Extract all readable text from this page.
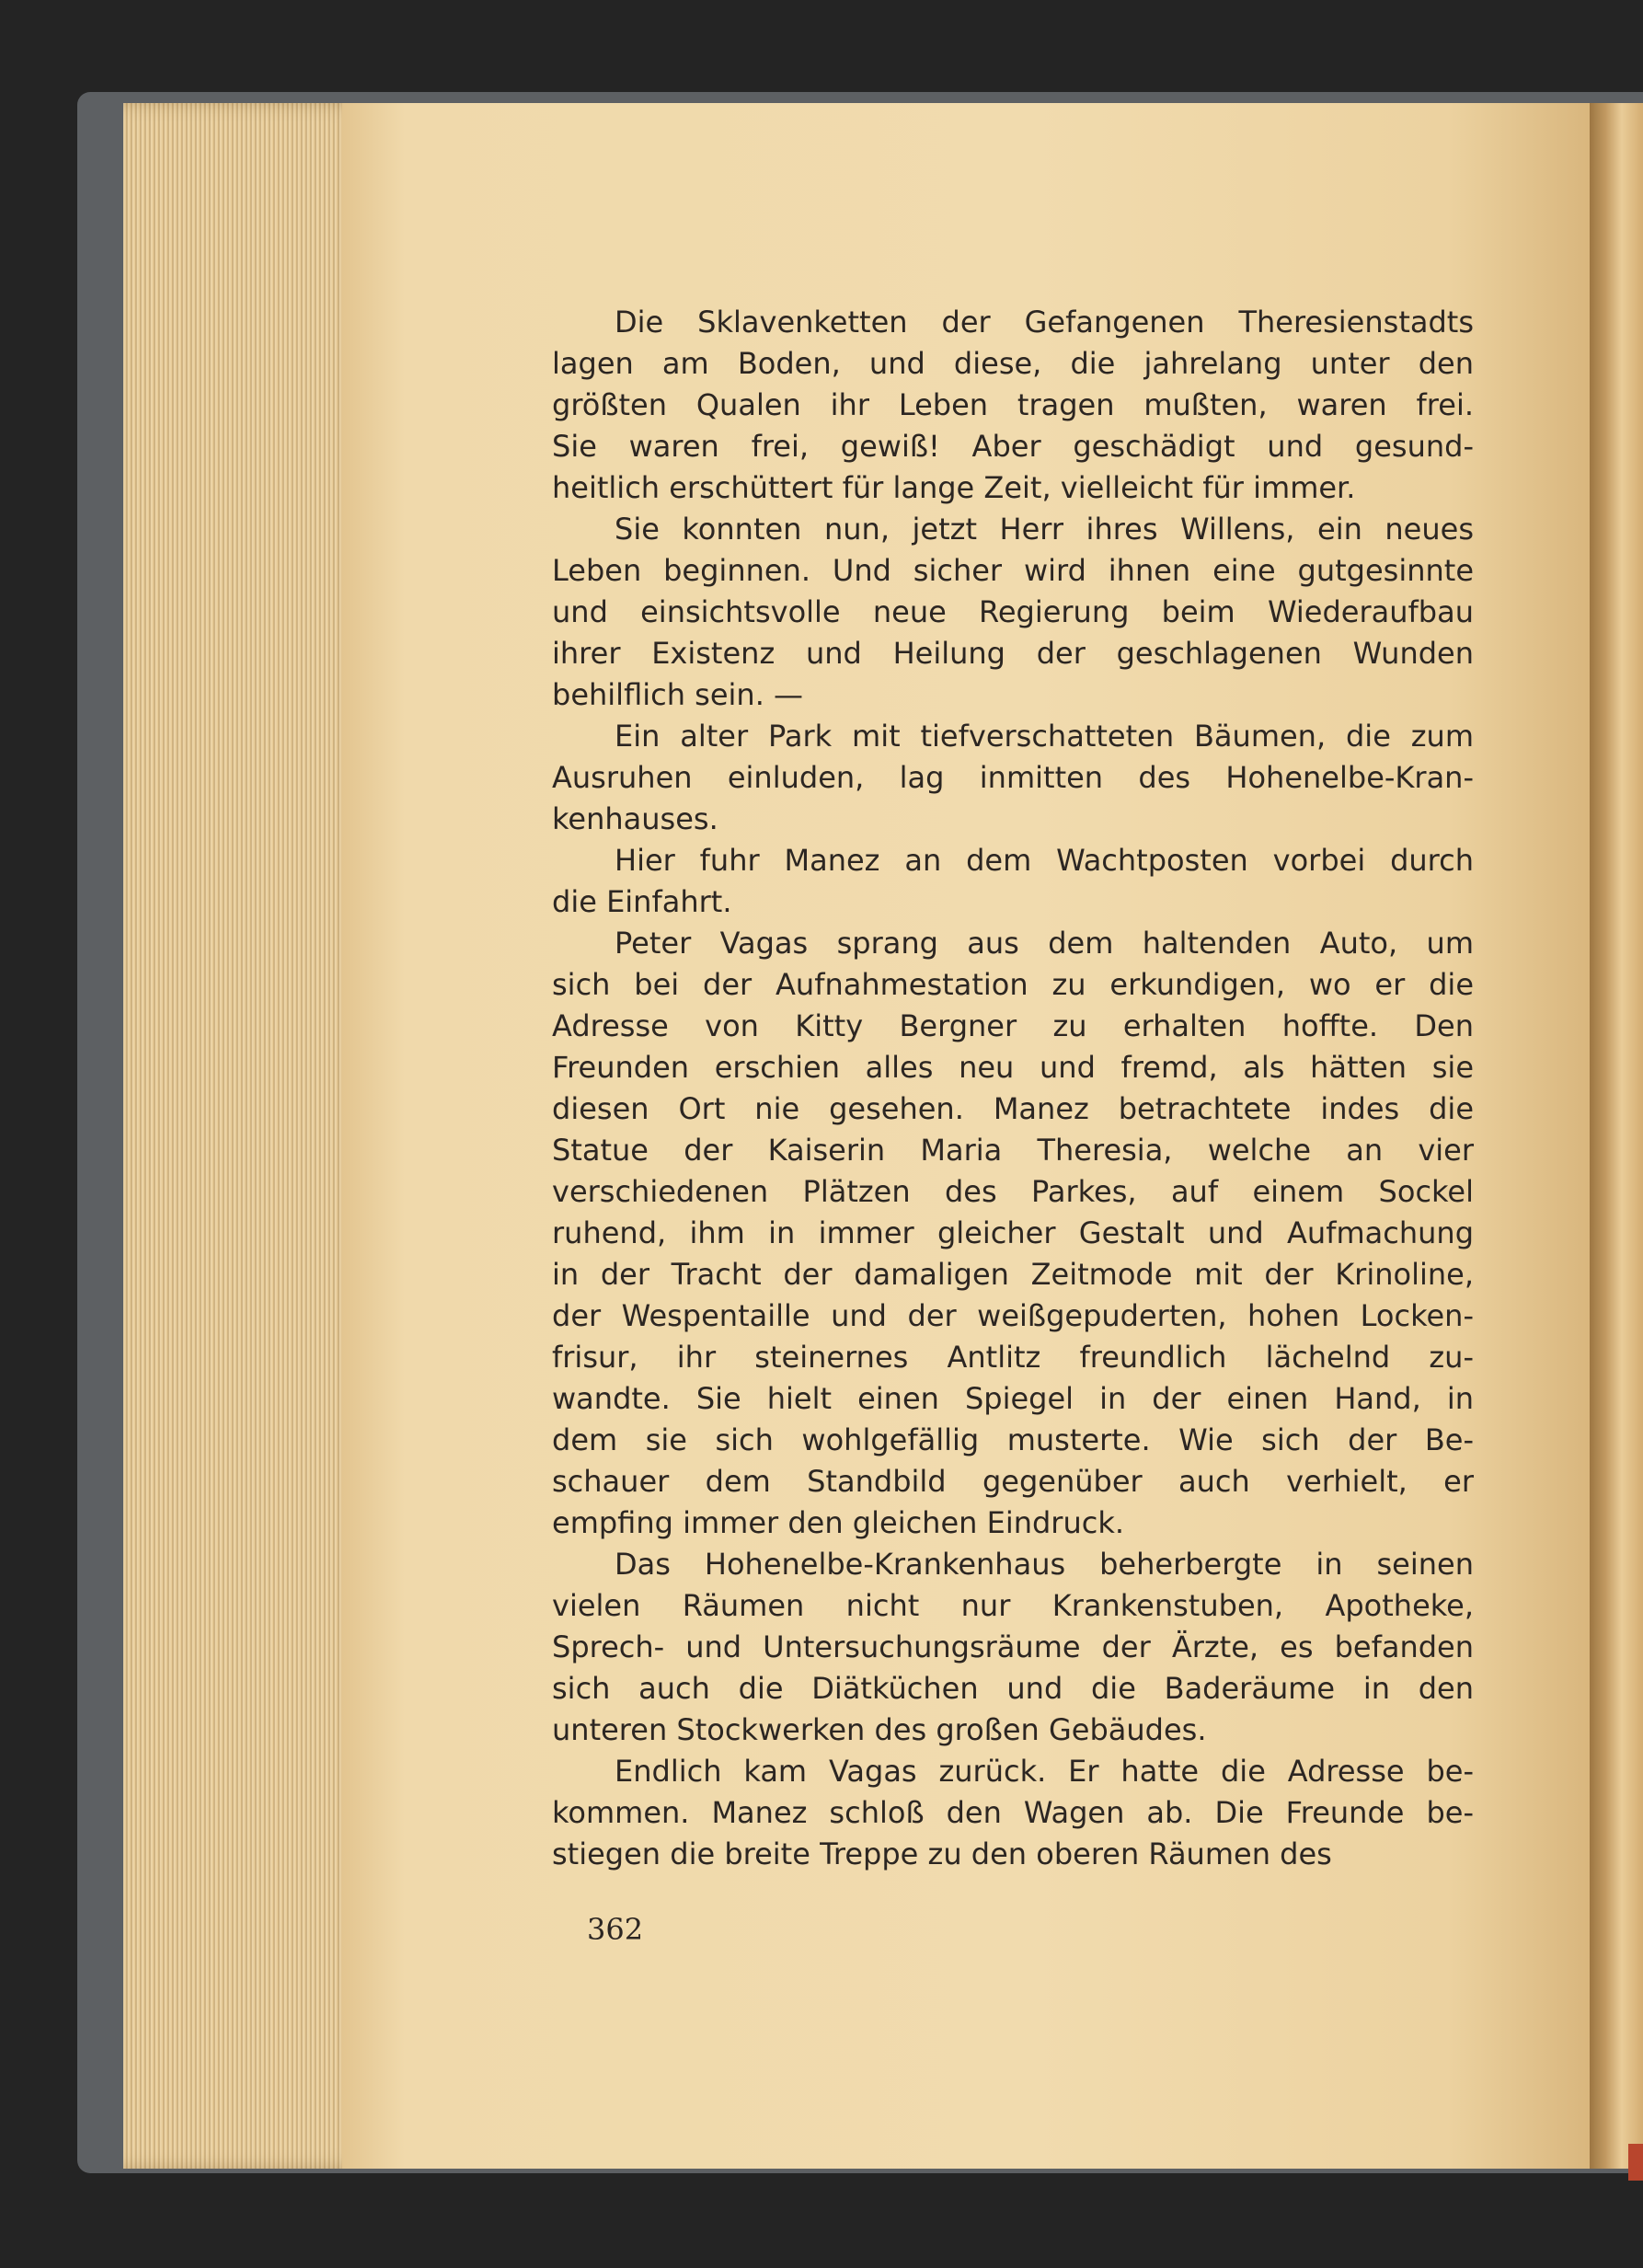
Die Sklavenketten der Gefangenen Theresienstadts
lagen am Boden, und diese, die jahrelang unter den
größten Qualen ihr Leben tragen mußten, waren frei.
Sie waren frei, gewiß! Aber geschädigt und gesund-
heitlich erschüttert für lange Zeit, vielleicht für immer.

Sie konnten nun, jetzt Herr ihres Willens, ein neues
Leben beginnen. Und sicher wird ihnen eine gutgesinnte
und einsichtsvolle neue Regierung beim Wiederaufbau
ihrer Existenz und Heilung der geschlagenen Wunden
behilflich sein. —

Ein alter Park mit tiefverschatteten Bäumen, die zum
Ausruhen einluden, lag inmitten des Hohenelbe-Kran-
kenhauses.

Hier fuhr Manez an dem Wachtposten vorbei durch
die Einfahrt.

Peter Vagas sprang aus dem haltenden Auto, um
sich bei der Aufnahmestation zu erkundigen, wo er die
Adresse von Kitty Bergner zu erhalten hoffte. Den
Freunden erschien alles neu und fremd, als hätten sie
diesen Ort nie gesehen. Manez betrachtete indes die
Statue der Kaiserin Maria Theresia, welche an vier
verschiedenen Plätzen des Parkes, auf einem Sockel
ruhend, ihm in immer gleicher Gestalt und Aufmachung
in der Tracht der damaligen Zeitmode mit der Krinoline,
der Wespentaille und der weißgepuderten, hohen Locken-
frisur, ihr steinernes Antlitz freundlich lächelnd zu-
wandte. Sie hielt einen Spiegel in der einen Hand, in
dem sie sich wohlgefällig musterte. Wie sich der Be-
schauer dem Standbild gegenüber auch verhielt, er
empfing immer den gleichen Eindruck.

Das Hohenelbe-Krankenhaus beherbergte in seinen
vielen Räumen nicht nur Krankenstuben, Apotheke,
Sprech- und Untersuchungsräume der Ärzte, es befanden
sich auch die Diätküchen und die Baderäume in den
unteren Stockwerken des großen Gebäudes.

Endlich kam Vagas zurück. Er hatte die Adresse be-
kommen. Manez schloß den Wagen ab. Die Freunde be-
stiegen die breite Treppe zu den oberen Räumen des

362
